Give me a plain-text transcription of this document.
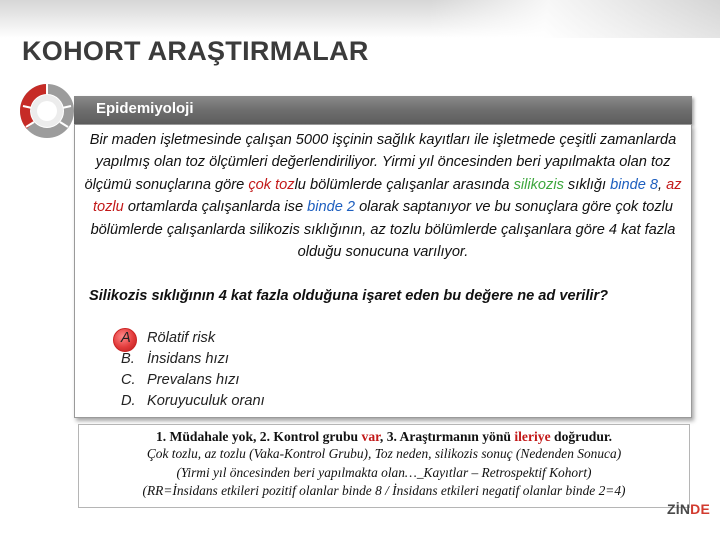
KOHORT ARAŞTIRMALAR
Epidemiyoloji
Bir maden işletmesinde çalışan 5000 işçinin sağlık kayıtları ile işletmede çeşitli zamanlarda yapılmış olan toz ölçümleri değerlendiriliyor. Yirmi yıl öncesinden beri yapılmakta olan toz ölçümü sonuçlarına göre çok tozlu bölümlerde çalışanlar arasında silikozis sıklığı binde 8, az tozlu ortamlarda çalışanlarda ise binde 2 olarak saptanıyor ve bu sonuçlara göre çok tozlu bölümlerde çalışanlarda silikozis sıklığının, az tozlu bölümlerde çalışanlara göre 4 kat fazla olduğu sonucuna varılıyor.
Silikozis sıklığının 4 kat fazla olduğuna işaret eden bu değere ne ad verilir?
A Rölatif risk
B. İnsidans hızı
C. Prevalans hızı
D. Koruyuculuk oranı
1. Müdahale yok, 2. Kontrol grubu var, 3. Araştırmanın yönü ileriye doğrudur.
Çok tozlu, az tozlu (Vaka-Kontrol Grubu), Toz neden, silikozis sonuç (Nedenden Sonuca)
(Yirmi yıl öncesinden beri yapılmakta olan…_Kayıtlar – Retrospektif Kohort)
(RR=İnsidans etkileri pozitif olanlar binde 8 / İnsidans etkileri negatif olanlar binde 2=4)
ZİNDE
